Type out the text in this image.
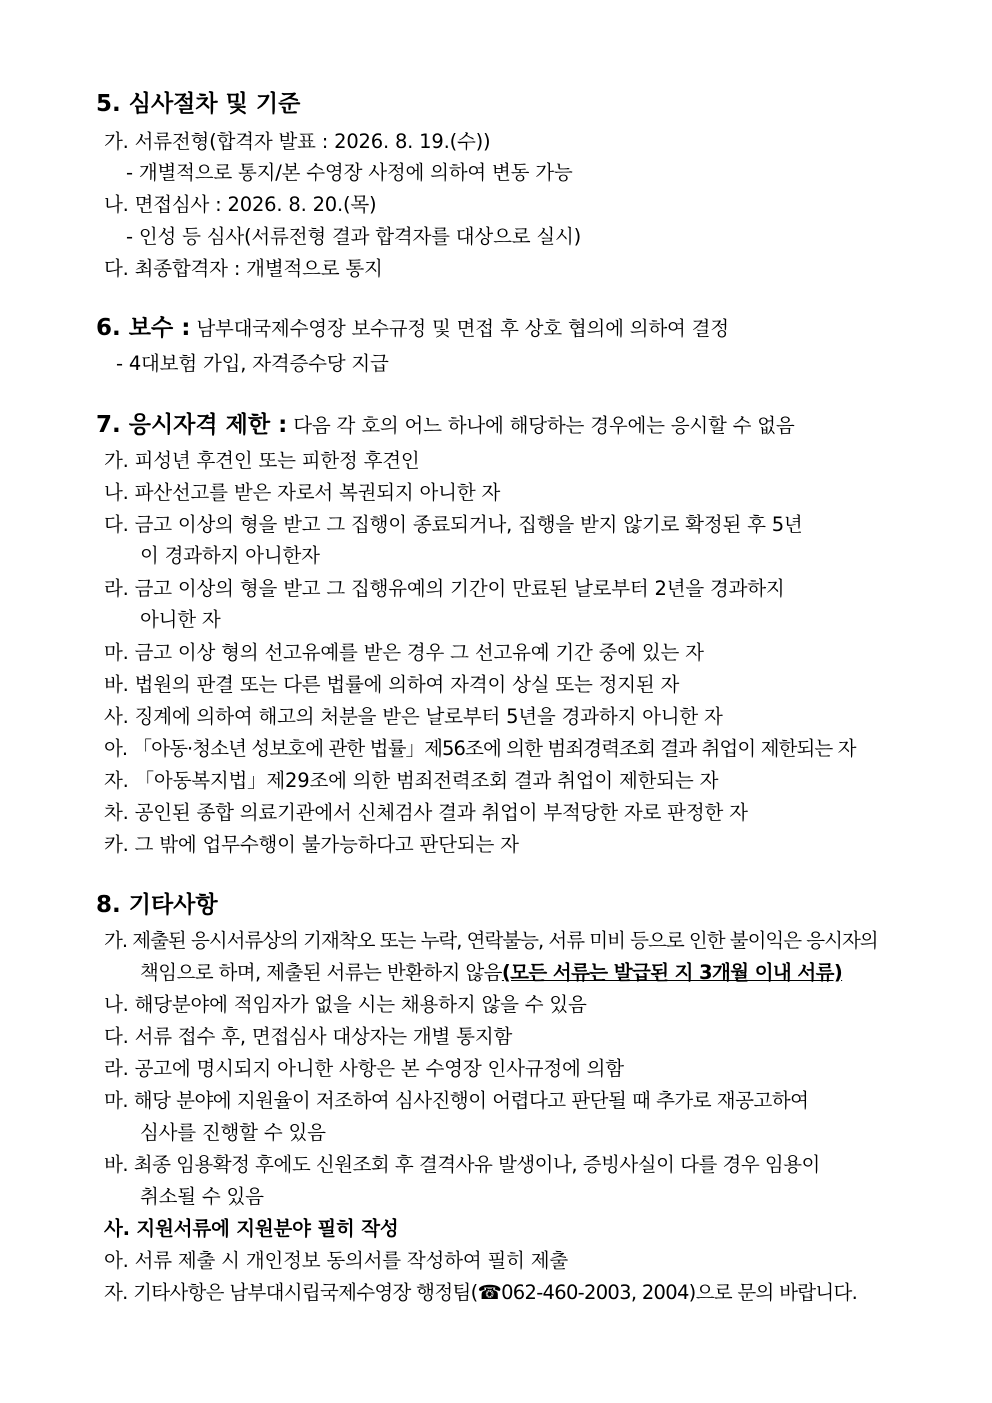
5. 심사절차 및 기준
가. 서류전형(합격자 발표 : 2026. 8. 19.(수))
- 개별적으로 통지/본 수영장 사정에 의하여 변동 가능
나. 면접심사 : 2026. 8. 20.(목)
- 인성 등 심사(서류전형 결과 합격자를 대상으로 실시)
다. 최종합격자 : 개별적으로 통지
6. 보수 : 남부대국제수영장 보수규정 및 면접 후 상호 협의에 의하여 결정
- 4대보험 가입, 자격증수당 지급
7. 응시자격 제한 : 다음 각 호의 어느 하나에 해당하는 경우에는 응시할 수 없음
가. 피성년 후견인 또는 피한정 후견인
나. 파산선고를 받은 자로서 복권되지 아니한 자
다. 금고 이상의 형을 받고 그 집행이 종료되거나, 집행을 받지 않기로 확정된 후 5년
이 경과하지 아니한자
라. 금고 이상의 형을 받고 그 집행유예의 기간이 만료된 날로부터 2년을 경과하지
아니한 자
마. 금고 이상 형의 선고유예를 받은 경우 그 선고유예 기간 중에 있는 자
바. 법원의 판결 또는 다른 법률에 의하여 자격이 상실 또는 정지된 자
사. 징계에 의하여 해고의 처분을 받은 날로부터 5년을 경과하지 아니한 자
아. 「아동·청소년 성보호에 관한 법률」제56조에 의한 범죄경력조회 결과 취업이 제한되는 자
자. 「아동복지법」제29조에 의한 범죄전력조회 결과 취업이 제한되는 자
차. 공인된 종합 의료기관에서 신체검사 결과 취업이 부적당한 자로 판정한 자
카. 그 밖에 업무수행이 불가능하다고 판단되는 자
8. 기타사항
가. 제출된 응시서류상의 기재착오 또는 누락, 연락불능, 서류 미비 등으로 인한 불이익은 응시자의
책임으로 하며, 제출된 서류는 반환하지 않음(모든 서류는 발급된 지 3개월 이내 서류)
나. 해당분야에 적임자가 없을 시는 채용하지 않을 수 있음
다. 서류 접수 후, 면접심사 대상자는 개별 통지함
라. 공고에 명시되지 아니한 사항은 본 수영장 인사규정에 의함
마. 해당 분야에 지원율이 저조하여 심사진행이 어렵다고 판단될 때 추가로 재공고하여
심사를 진행할 수 있음
바. 최종 임용확정 후에도 신원조회 후 결격사유 발생이나, 증빙사실이 다를 경우 임용이
취소될 수 있음
사. 지원서류에 지원분야 필히 작성
아. 서류 제출 시 개인정보 동의서를 작성하여 필히 제출
자. 기타사항은 남부대시립국제수영장 행정팀(☎062-460-2003, 2004)으로 문의 바랍니다.
